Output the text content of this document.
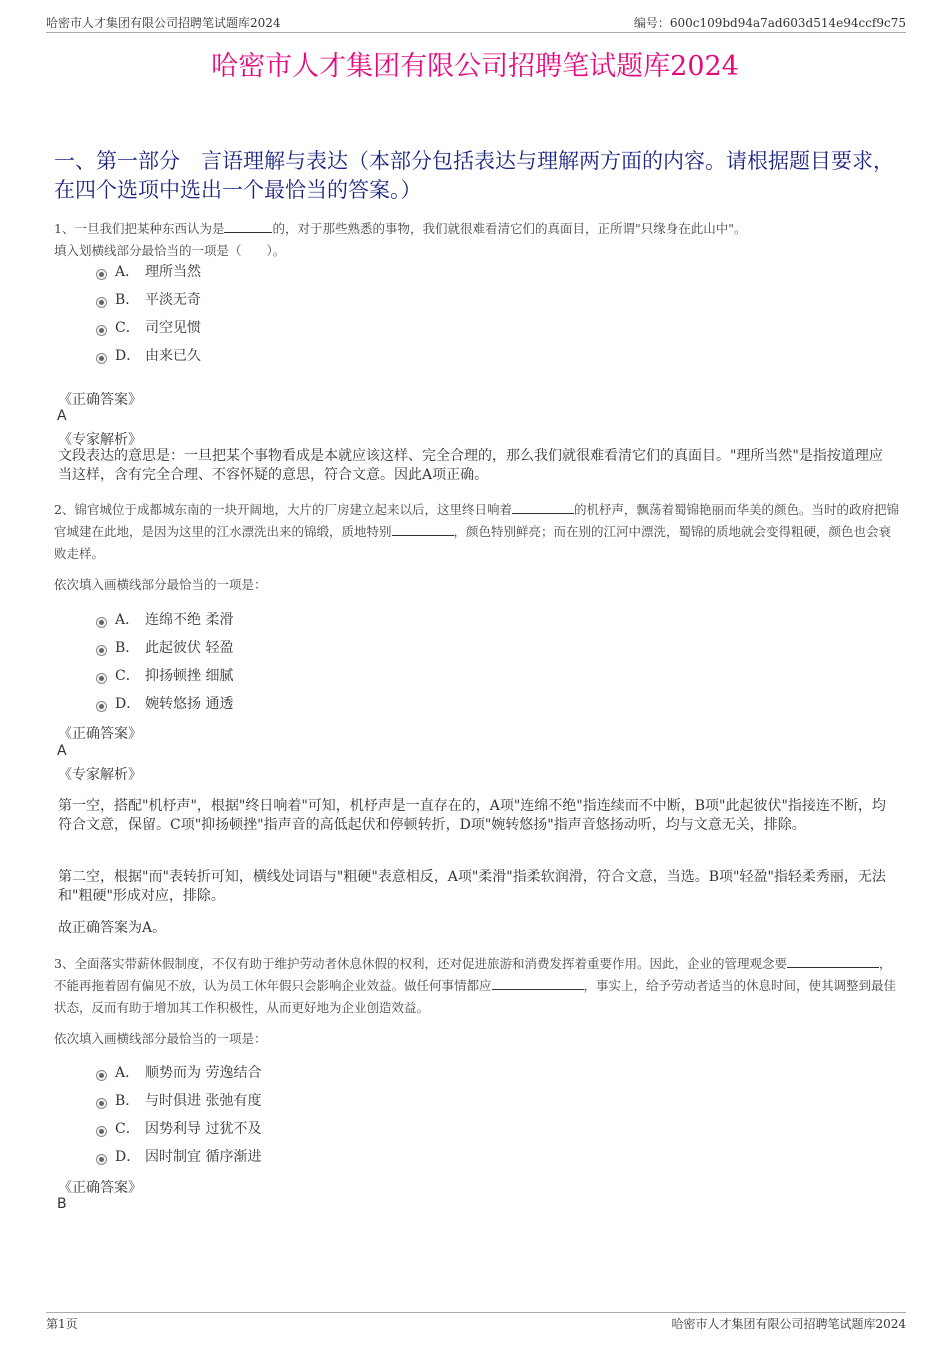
哈密市人才集团有限公司招聘笔试题库2024	编号：600c109bd94a7ad603d514e94ccf9c75
哈密市人才集团有限公司招聘笔试题库2024
一、第一部分　言语理解与表达（本部分包括表达与理解两方面的内容。请根据题目要求，在四个选项中选出一个最恰当的答案。）

1、一旦我们把某种东西认为是	的，对于那些熟悉的事物，我们就很难看清它们的真面目，正所谓"只缘身在此山中"。

填入划横线部分最恰当的一项是（　　）。

A． 理所当然
B． 平淡无奇
C． 司空见惯
D． 由来已久
《正确答案》
A
《专家解析》
文段表达的意思是：一旦把某个事物看成是本就应该这样、完全合理的，那么我们就很难看清它们的真面目。"理所当然"是指按道理应当这样，含有完全合理、不容怀疑的意思，符合文意。因此A项正确。

2、锦官城位于成都城东南的一块开阔地，大片的厂房建立起来以后，这里终日响着	的机杼声，飘荡着蜀锦艳丽而华美的颜色。当时的政府把锦官城建在此地，是因为这里的江水漂洗出来的锦缎，质地特别	，颜色特别鲜亮；而在别的江河中漂洗，蜀锦的质地就会变得粗硬，颜色也会衰败走样。

依次填入画横线部分最恰当的一项是：
A． 连绵不绝 柔滑
B． 此起彼伏 轻盈
C． 抑扬顿挫 细腻
D． 婉转悠扬 通透
《正确答案》
A
《专家解析》
第一空，搭配"机杼声"，根据"终日响着"可知，机杼声是一直存在的，A项"连绵不绝"指连续而不中断，B项"此起彼伏"指接连不断，均符合文意，保留。C项"抑扬顿挫"指声音的高低起伏和停顿转折，D项"婉转悠扬"指声音悠扬动听，均与文意无关，排除。
第二空，根据"而"表转折可知，横线处词语与"粗硬"表意相反，A项"柔滑"指柔软润滑，符合文意，当选。B项"轻盈"指轻柔秀丽，无法和"粗硬"形成对应，排除。
故正确答案为A。

3、全面落实带薪休假制度，不仅有助于维护劳动者休息休假的权利，还对促进旅游和消费发挥着重要作用。因此，企业的管理观念要	，不能再拖着固有偏见不放，认为员工休年假只会影响企业效益。做任何事情都应	，事实上，给予劳动者适当的休息时间，使其调整到最佳状态，反而有助于增加其工作积极性，从而更好地为企业创造效益。

依次填入画横线部分最恰当的一项是：
A． 顺势而为 劳逸结合
B． 与时俱进 张弛有度
C． 因势利导 过犹不及
D． 因时制宜 循序渐进
《正确答案》
B
第1页	哈密市人才集团有限公司招聘笔试题库2024
